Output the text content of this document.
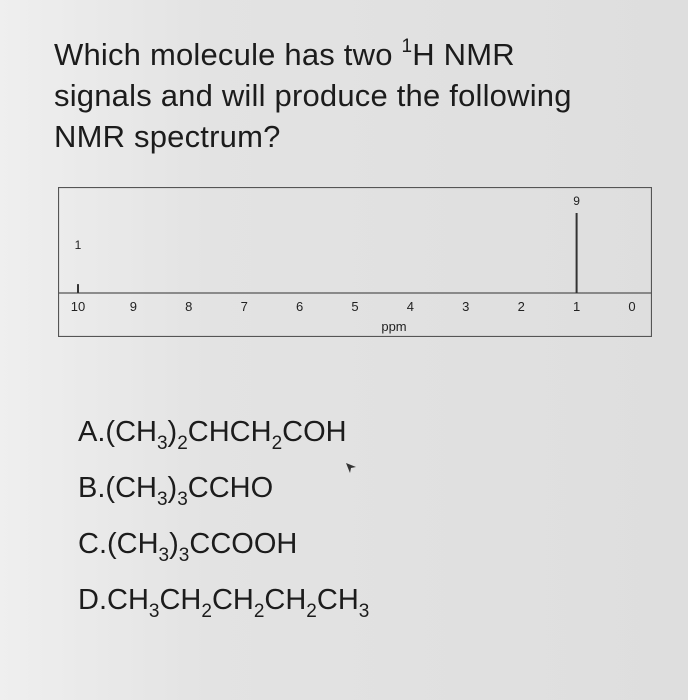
Which molecule has two $^1$H NMR
signals and will produce the following
NMR spectrum?
10	9	8	7	6	5	4	3	2	1	0
1
9
ppm
$A.(CH_3)_2CHCH_2COH$
$B.(CH_3)_3CCHO$
$C.(CH_3)_3CCOOH$
$D.CH_3CH_2CH_2CH_2CH_3$
